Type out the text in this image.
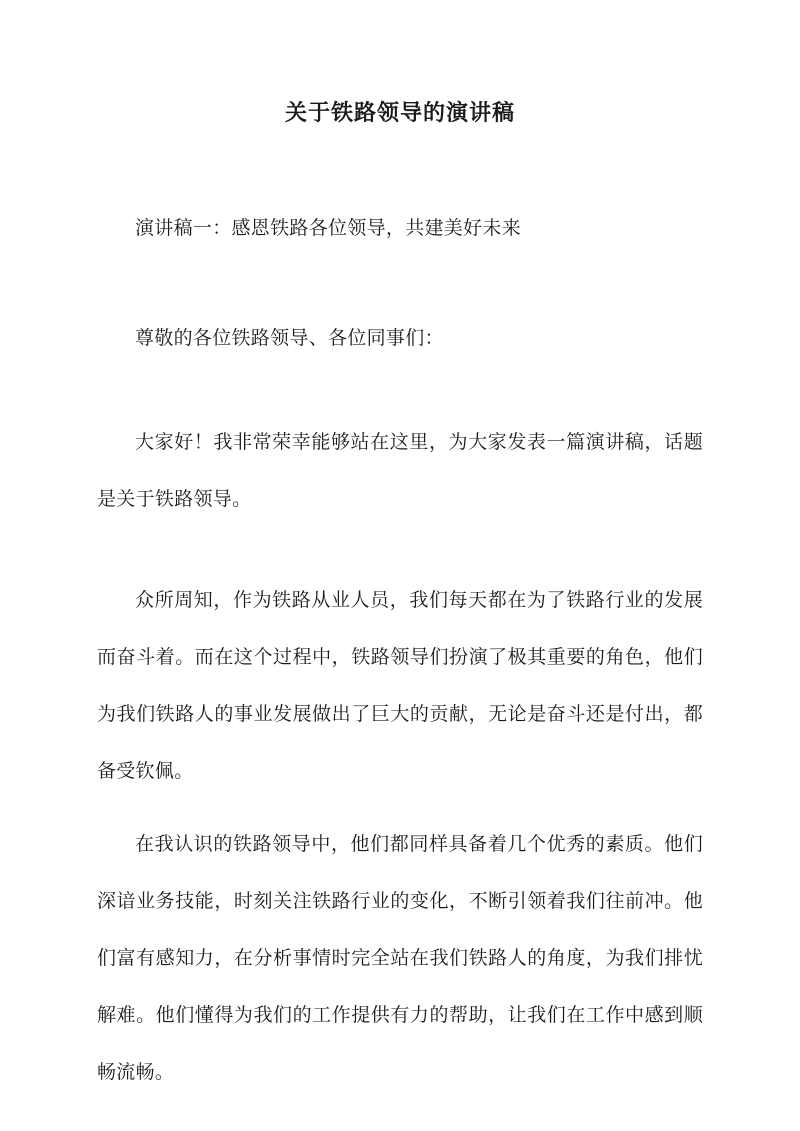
关于铁路领导的演讲稿

演讲稿一：感恩铁路各位领导，共建美好未来

尊敬的各位铁路领导、各位同事们：

大家好！我非常荣幸能够站在这里，为大家发表一篇演讲稿，话题是关于铁路领导。

众所周知，作为铁路从业人员，我们每天都在为了铁路行业的发展而奋斗着。而在这个过程中，铁路领导们扮演了极其重要的角色，他们为我们铁路人的事业发展做出了巨大的贡献，无论是奋斗还是付出，都备受钦佩。

在我认识的铁路领导中，他们都同样具备着几个优秀的素质。他们深谙业务技能，时刻关注铁路行业的变化，不断引领着我们往前冲。他们富有感知力，在分析事情时完全站在我们铁路人的角度，为我们排忧解难。他们懂得为我们的工作提供有力的帮助，让我们在工作中感到顺畅流畅。
